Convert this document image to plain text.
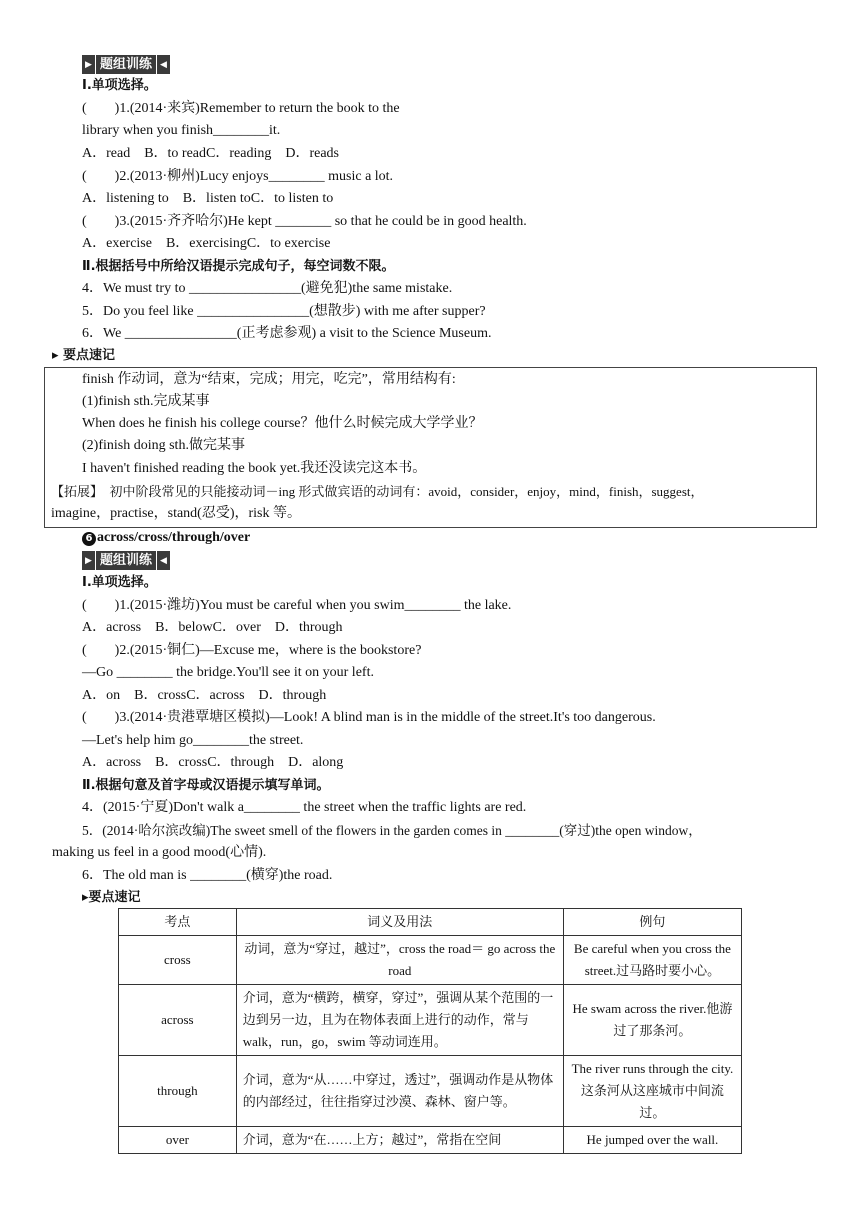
▶ 题组训练 ◀
Ⅰ.单项选择。
(　　)1.(2014·来宾)Remember to return the book to the
library when you finish________it.
A．read　B．to readC．reading　D．reads
(　　)2.(2013·柳州)Lucy enjoys________ music a lot.
A．listening to　B．listen toC．to listen to
(　　)3.(2015·齐齐哈尔)He kept ________ so that he could be in good health.
A．exercise　B．exercisingC．to exercise
Ⅱ.根据括号中所给汉语提示完成句子，每空词数不限。
4．We must try to ________________(避免犯)the same mistake.
5．Do you feel like ________________(想散步) with me after supper?
6．We ________________(正考虑参观) a visit to the Science Museum.
▸ 要点速记
finish 作动词，意为“结束，完成；用完，吃完”，常用结构有:
(1)finish sth.完成某事
When does he finish his college course？他什么时候完成大学学业？
(2)finish doing sth.做完某事
I haven't finished reading the book yet.我还没读完这本书。
【拓展】　初中阶段常见的只能接动词－ing 形式做宾语的动词有：avoid，consider，enjoy，mind，finish，suggest，
imagine，practise，stand(忍受)，risk 等。
6 across/cross/through/over
▶ 题组训练 ◀
Ⅰ.单项选择。
(　　)1.(2015·潍坊)You must be careful when you swim________ the lake.
A．across　B．belowC．over　D．through
(　　)2.(2015·铜仁)—Excuse me，where is the bookstore?
—Go ________ the bridge.You'll see it on your left.
A．on　B．crossC．across　D．through
(　　)3.(2014·贵港覃塘区模拟)—Look! A blind man is in the middle of the street.It's too dangerous.
—Let's help him go________the street.
A．across　B．crossC．through　D．along
Ⅱ.根据句意及首字母或汉语提示填写单词。
4．(2015·宁夏)Don't walk a________ the street when the traffic lights are red.
5．(2014·哈尔滨改编)The sweet smell of the flowers in the garden comes in ________(穿过)the open window，
making us feel in a good mood(心情).
6．The old man is ________(横穿)the road.
▸要点速记
考点	词义及用法	例句
cross	动词，意为“穿过，越过”，cross the road＝ go across the road	Be careful when you cross the street.过马路时要小心。
across	介词，意为“横跨，横穿，穿过”，强调从某个范围的一边到另一边，且为在物体表面上进行的动作，常与 walk，run，go，swim 等动词连用。	He swam across the river.他游过了那条河。
through	介词，意为“从……中穿过，透过”，强调动作是从物体的内部经过，往往指穿过沙漠、森林、窗户等。	The river runs through the city.这条河从这座城市中间流过。
over	介词，意为“在……上方；越过”，常指在空间	He jumped over the wall.
